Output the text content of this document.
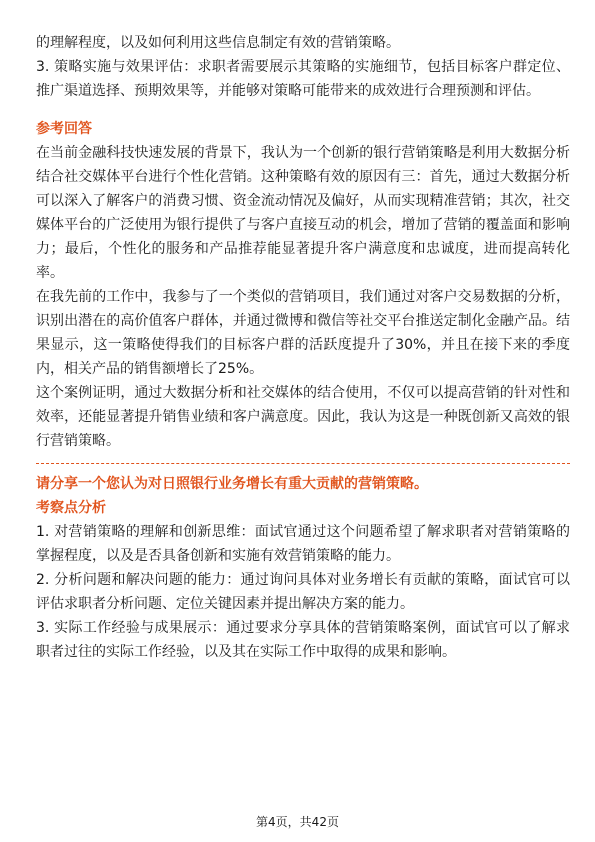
的理解程度，以及如何利用这些信息制定有效的营销策略。

3. 策略实施与效果评估：求职者需要展示其策略的实施细节，包括目标客户群定位、推广渠道选择、预期效果等，并能够对策略可能带来的成效进行合理预测和评估。

参考回答

在当前金融科技快速发展的背景下，我认为一个创新的银行营销策略是利用大数据分析结合社交媒体平台进行个性化营销。这种策略有效的原因有三：首先，通过大数据分析可以深入了解客户的消费习惯、资金流动情况及偏好，从而实现精准营销；其次，社交媒体平台的广泛使用为银行提供了与客户直接互动的机会，增加了营销的覆盖面和影响力；最后，个性化的服务和产品推荐能显著提升客户满意度和忠诚度，进而提高转化率。

在我先前的工作中，我参与了一个类似的营销项目，我们通过对客户交易数据的分析，识别出潜在的高价值客户群体，并通过微博和微信等社交平台推送定制化金融产品。结果显示，这一策略使得我们的目标客户群的活跃度提升了30%，并且在接下来的季度内，相关产品的销售额增长了25%。

这个案例证明，通过大数据分析和社交媒体的结合使用，不仅可以提高营销的针对性和效率，还能显著提升销售业绩和客户满意度。因此，我认为这是一种既创新又高效的银行营销策略。

请分享一个您认为对日照银行业务增长有重大贡献的营销策略。

考察点分析

1. 对营销策略的理解和创新思维：面试官通过这个问题希望了解求职者对营销策略的掌握程度，以及是否具备创新和实施有效营销策略的能力。

2. 分析问题和解决问题的能力：通过询问具体对业务增长有贡献的策略，面试官可以评估求职者分析问题、定位关键因素并提出解决方案的能力。

3. 实际工作经验与成果展示：通过要求分享具体的营销策略案例，面试官可以了解求职者过往的实际工作经验，以及其在实际工作中取得的成果和影响。

第4页，共42页
